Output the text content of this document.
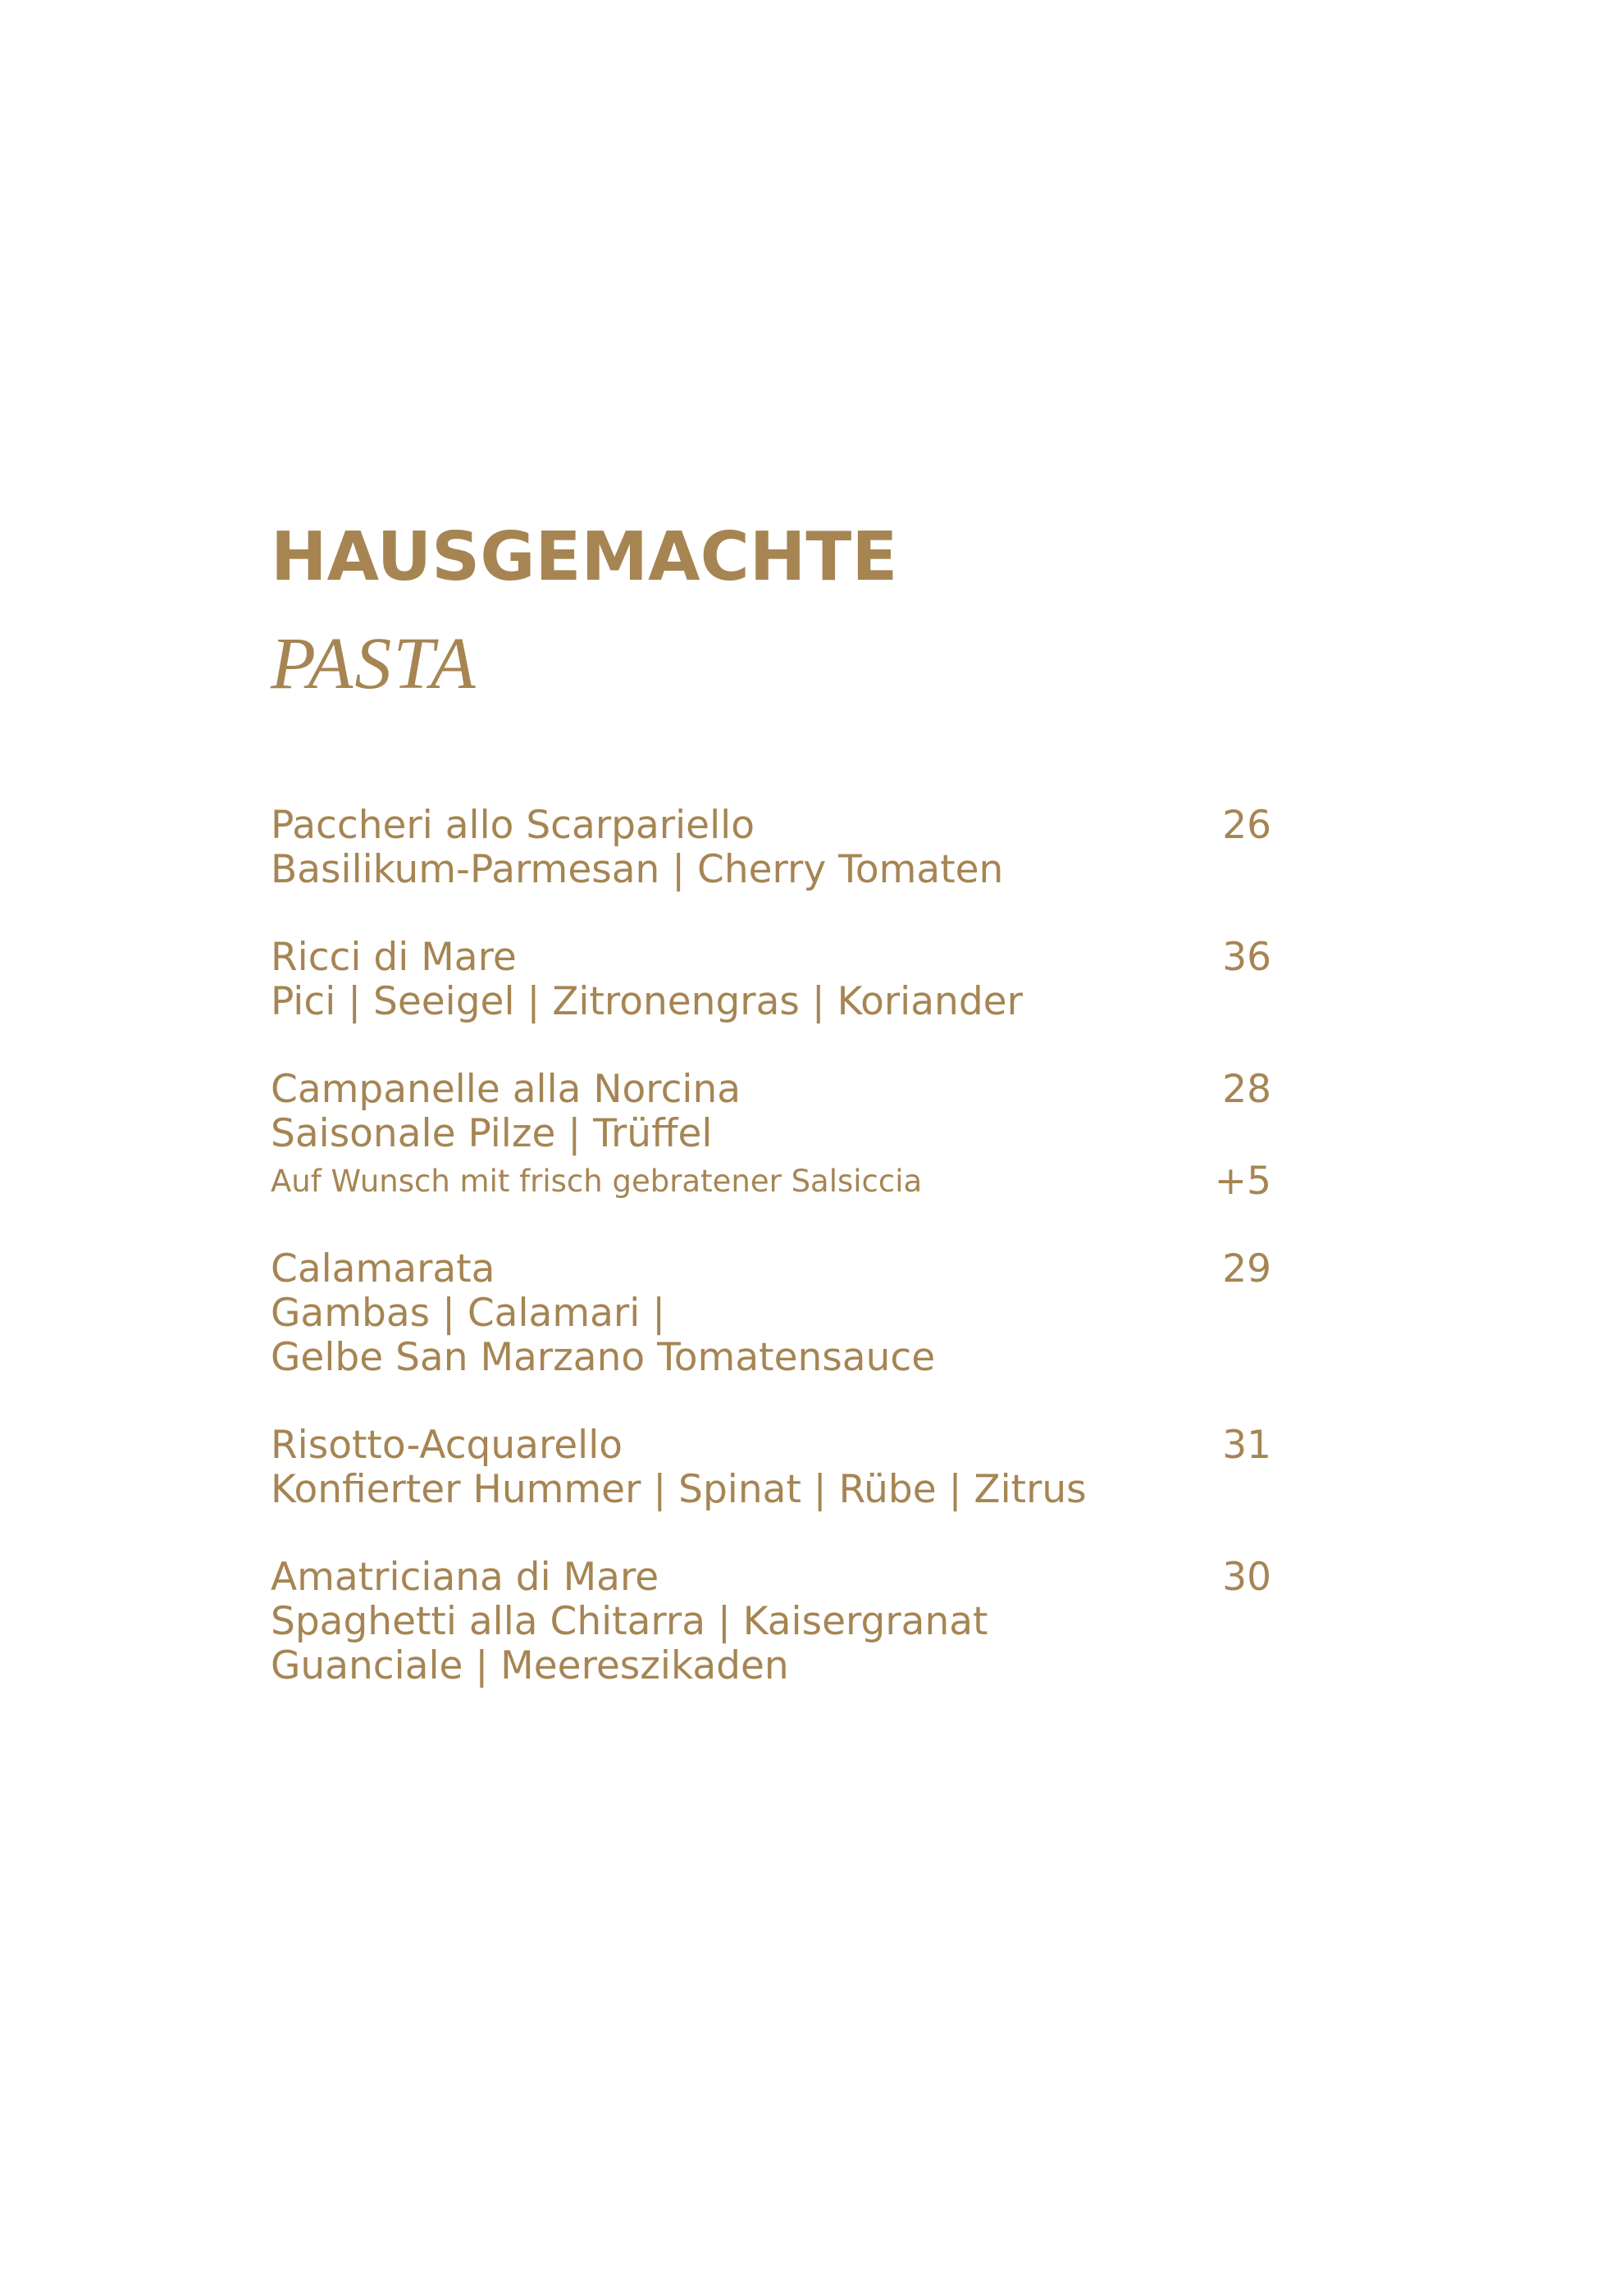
HAUSGEMACHTE
PASTA
Paccheri allo Scarpariello	26
Basilikum-Parmesan | Cherry Tomaten
Ricci di Mare	36
Pici | Seeigel | Zitronengras | Koriander
Campanelle alla Norcina	28
Saisonale Pilze | Trüffel
Auf Wunsch mit frisch gebratener Salsiccia	+5
Calamarata	29
Gambas | Calamari |
Gelbe San Marzano Tomatensauce
Risotto-Acquarello	31
Konfierter Hummer | Spinat | Rübe | Zitrus
Amatriciana di Mare	30
Spaghetti alla Chitarra | Kaisergranat
Guanciale | Meereszikaden
